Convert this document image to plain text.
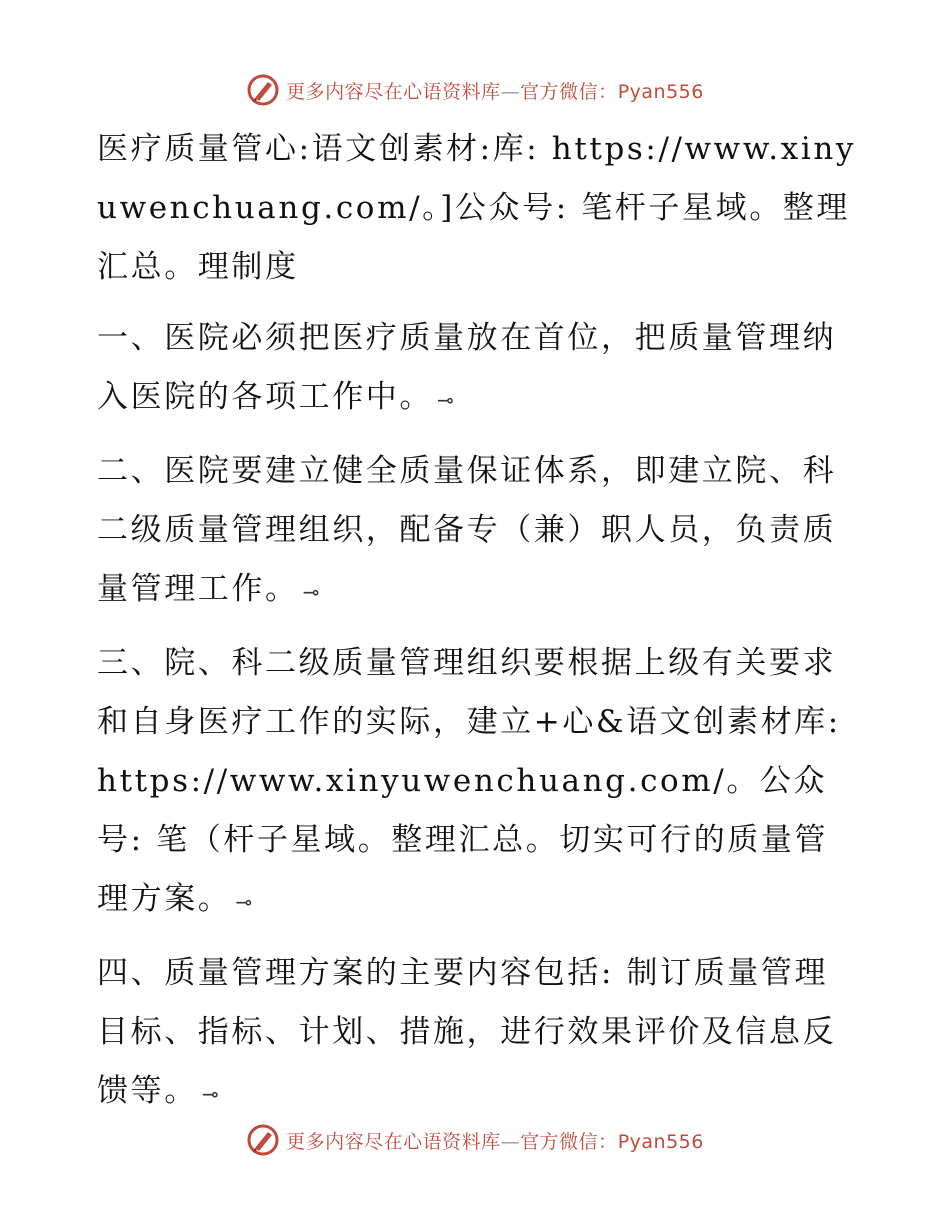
更多内容尽在心语资料库—官方微信：Pyan556

医疗质量管心:语文创素材:库: https://www.xinyuwenchuang.com/。]公众号: 笔杆子星域。整理汇总。理制度

一、医院必须把医疗质量放在首位，把质量管理纳入医院的各项工作中。 ⊸

二、医院要建立健全质量保证体系，即建立院、科二级质量管理组织，配备专（兼）职人员，负责质量管理工作。 ⊸

三、院、科二级质量管理组织要根据上级有关要求和自身医疗工作的实际，建立+心&语文创素材库: https://www.xinyuwenchuang.com/。公众号: 笔（杆子星域。整理汇总。切实可行的质量管理方案。 ⊸

四、质量管理方案的主要内容包括: 制订质量管理目标、指标、计划、措施，进行效果评价及信息反馈等。 ⊸

更多内容尽在心语资料库—官方微信：Pyan556
